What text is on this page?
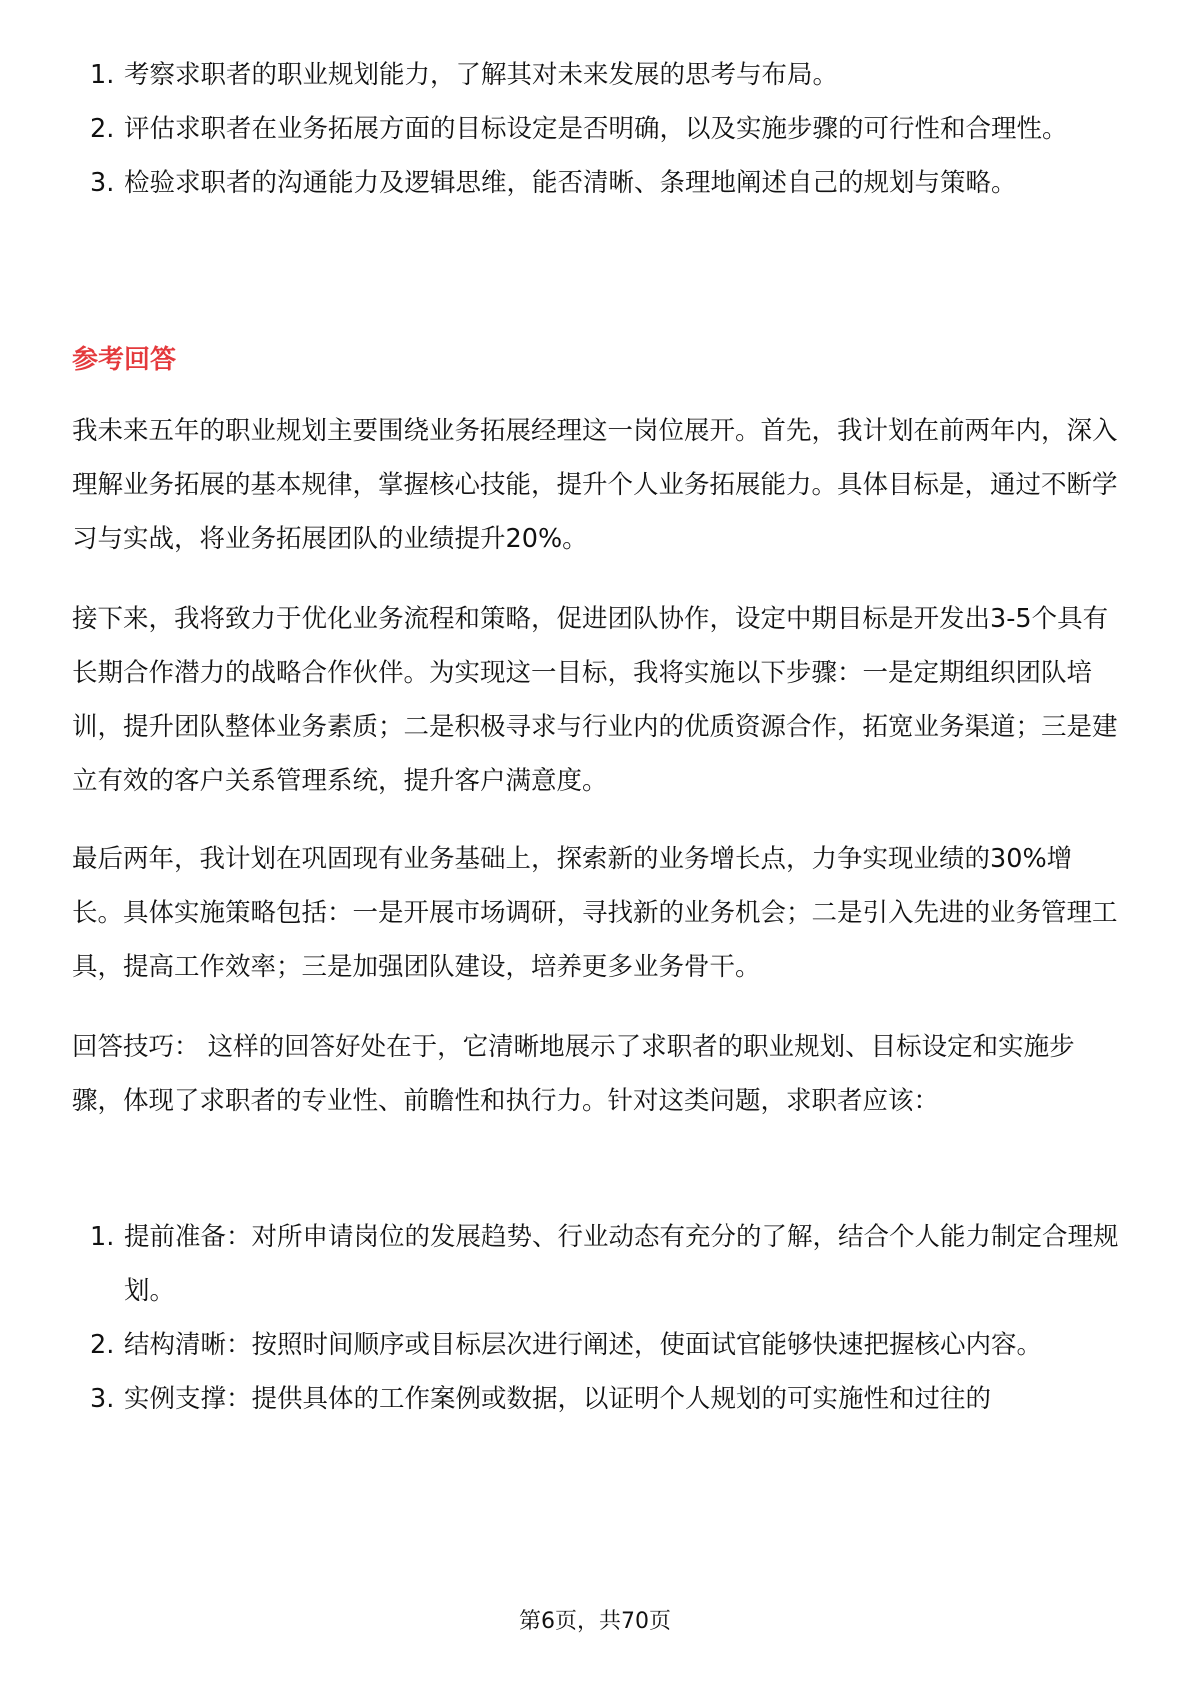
1. 考察求职者的职业规划能力，了解其对未来发展的思考与布局。
2. 评估求职者在业务拓展方面的目标设定是否明确，以及实施步骤的可行性和合理性。
3. 检验求职者的沟通能力及逻辑思维，能否清晰、条理地阐述自己的规划与策略。
参考回答
我未来五年的职业规划主要围绕业务拓展经理这一岗位展开。首先，我计划在前两年内，深入理解业务拓展的基本规律，掌握核心技能，提升个人业务拓展能力。具体目标是，通过不断学习与实战，将业务拓展团队的业绩提升20%。
接下来，我将致力于优化业务流程和策略，促进团队协作，设定中期目标是开发出3-5个具有长期合作潜力的战略合作伙伴。为实现这一目标，我将实施以下步骤：一是定期组织团队培训，提升团队整体业务素质；二是积极寻求与行业内的优质资源合作，拓宽业务渠道；三是建立有效的客户关系管理系统，提升客户满意度。
最后两年，我计划在巩固现有业务基础上，探索新的业务增长点，力争实现业绩的30%增长。具体实施策略包括：一是开展市场调研，寻找新的业务机会；二是引入先进的业务管理工具，提高工作效率；三是加强团队建设，培养更多业务骨干。
回答技巧： 这样的回答好处在于，它清晰地展示了求职者的职业规划、目标设定和实施步骤，体现了求职者的专业性、前瞻性和执行力。针对这类问题，求职者应该：
1. 提前准备：对所申请岗位的发展趋势、行业动态有充分的了解，结合个人能力制定合理规划。
2. 结构清晰：按照时间顺序或目标层次进行阐述，使面试官能够快速把握核心内容。
3. 实例支撑：提供具体的工作案例或数据，以证明个人规划的可实施性和过往的
第6页，共70页
